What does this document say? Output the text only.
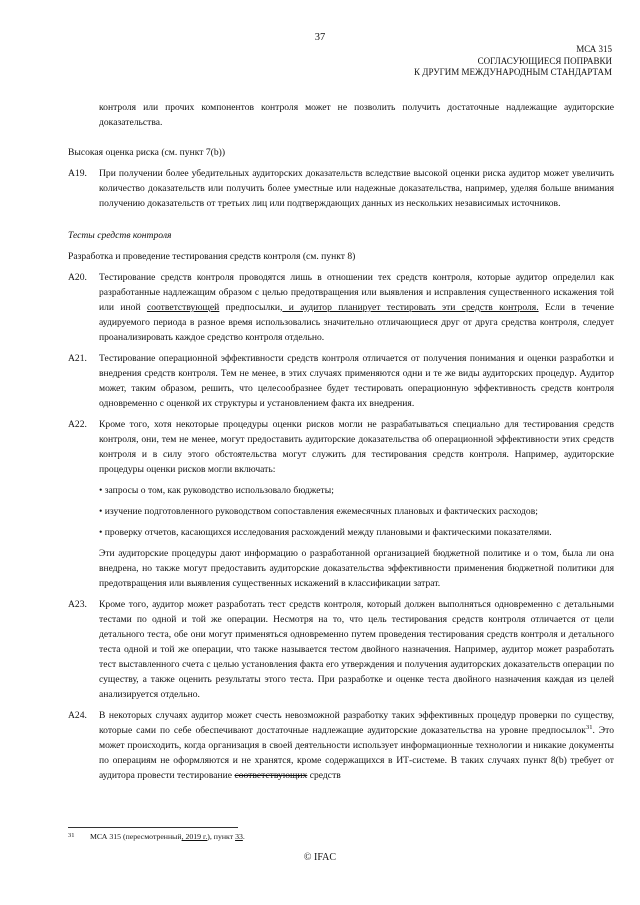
37
МСА 315
СОГЛАСУЮЩИЕСЯ ПОПРАВКИ
К ДРУГИМ МЕЖДУНАРОДНЫМ СТАНДАРТАМ
контроля или прочих компонентов контроля может не позволить получить достаточные надлежащие аудиторские доказательства.
Высокая оценка риска (см. пункт 7(b))
A19.	При получении более убедительных аудиторских доказательств вследствие высокой оценки риска аудитор может увеличить количество доказательств или получить более уместные или надежные доказательства, например, уделяя больше внимания получению доказательств от третьих лиц или подтверждающих данных из нескольких независимых источников.
Тесты средств контроля
Разработка и проведение тестирования средств контроля (см. пункт 8)
A20.	Тестирование средств контроля проводятся лишь в отношении тех средств контроля, которые аудитор определил как разработанные надлежащим образом с целью предотвращения или выявления и исправления существенного искажения той или иной соответствующей предпосылки, и аудитор планирует тестировать эти средств контроля. Если в течение аудируемого периода в разное время использовались значительно отличающиеся друг от друга средства контроля, следует проанализировать каждое средство контроля отдельно.
A21.	Тестирование операционной эффективности средств контроля отличается от получения понимания и оценки разработки и внедрения средств контроля. Тем не менее, в этих случаях применяются одни и те же виды аудиторских процедур. Аудитор может, таким образом, решить, что целесообразнее будет тестировать операционную эффективность средств контроля одновременно с оценкой их структуры и установлением факта их внедрения.
A22.	Кроме того, хотя некоторые процедуры оценки рисков могли не разрабатываться специально для тестирования средств контроля, они, тем не менее, могут предоставить аудиторские доказательства об операционной эффективности этих средств контроля и в силу этого обстоятельства могут служить для тестирования средств контроля. Например, аудиторские процедуры оценки рисков могли включать:
• запросы о том, как руководство использовало бюджеты;
• изучение подготовленного руководством сопоставления ежемесячных плановых и фактических расходов;
• проверку отчетов, касающихся исследования расхождений между плановыми и фактическими показателями.
Эти аудиторские процедуры дают информацию о разработанной организацией бюджетной политике и о том, была ли она внедрена, но также могут предоставить аудиторские доказательства эффективности применения бюджетной политики для предотвращения или выявления существенных искажений в классификации затрат.
A23.	Кроме того, аудитор может разработать тест средств контроля, который должен выполняться одновременно с детальными тестами по одной и той же операции. Несмотря на то, что цель тестирования средств контроля отличается от цели детального теста, обе они могут применяться одновременно путем проведения тестирования средств контроля и детального теста одной и той же операции, что также называется тестом двойного назначения. Например, аудитор может разработать тест выставленного счета с целью установления факта его утверждения и получения аудиторских доказательств операции по существу, а также оценить результаты этого теста. При разработке и оценке теста двойного назначения каждая из целей анализируется отдельно.
A24.	В некоторых случаях аудитор может счесть невозможной разработку таких эффективных процедур проверки по существу, которые сами по себе обеспечивают достаточные надлежащие аудиторские доказательства на уровне предпосылок$^{31}$. Это может происходить, когда организация в своей деятельности использует информационные технологии и никакие документы по операциям не оформляются и не хранятся, кроме содержащихся в ИТ-системе. В таких случаях пункт 8(b) требует от аудитора провести тестирование соответствующих средств
31	МСА 315 (пересмотренный, 2019 г.), пункт 33.
© IFAC
